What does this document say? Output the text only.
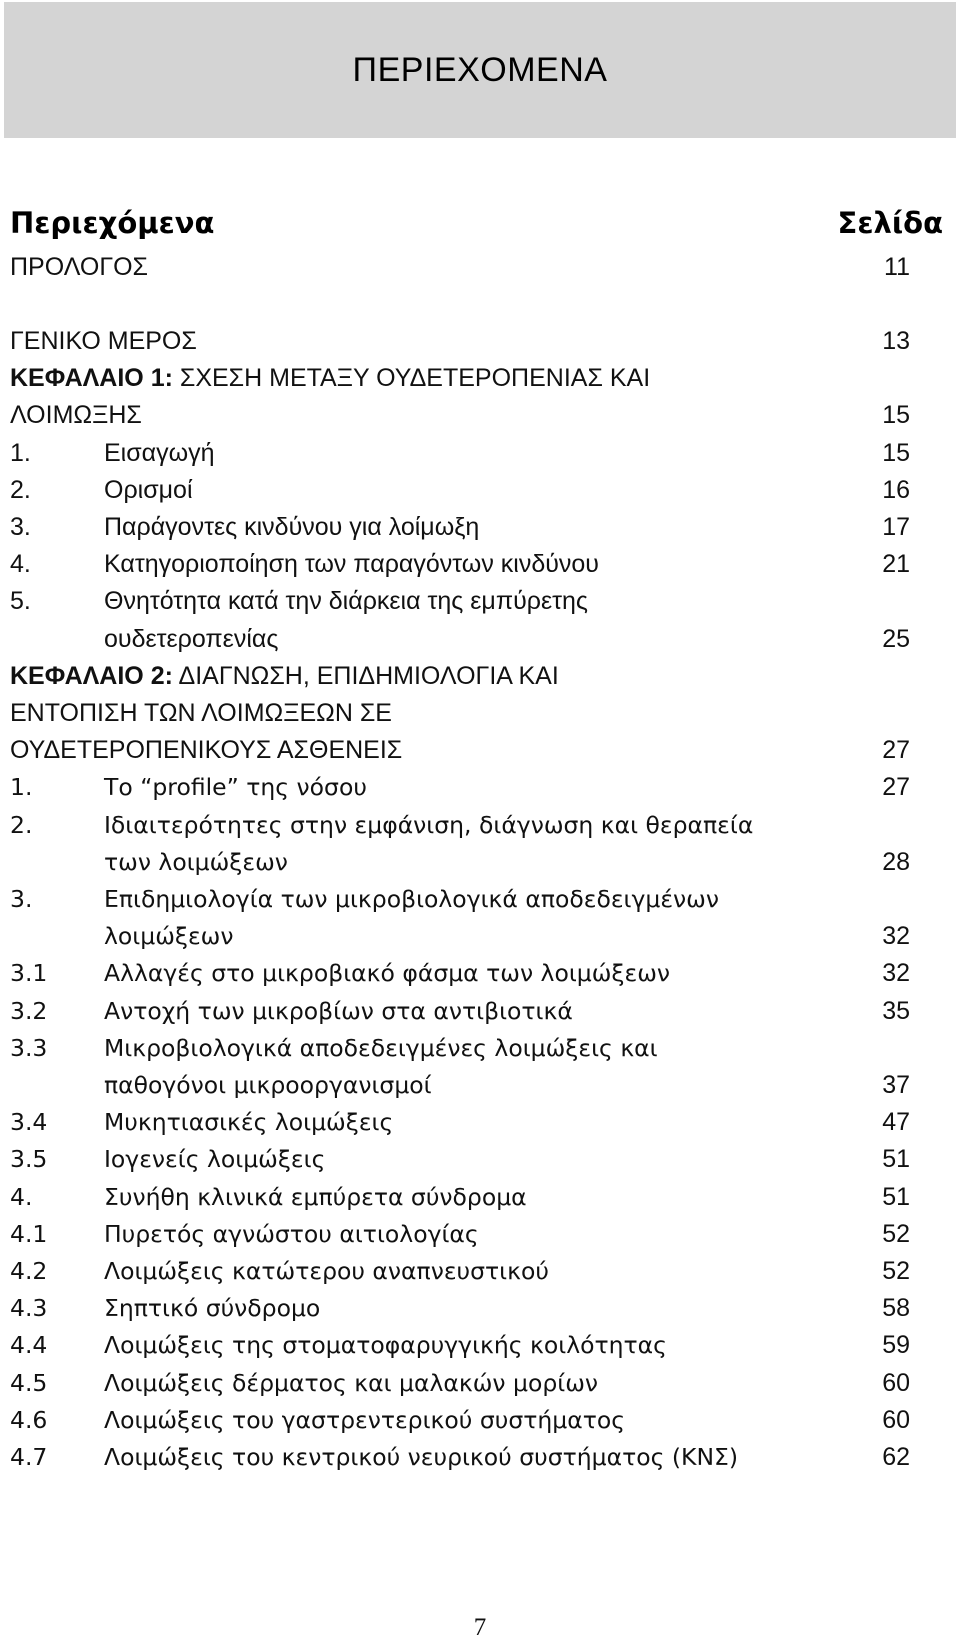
ΠΕΡΙΕΧΟΜΕΝΑ
Περιεχόμενα	Σελίδα
ΠΡΟΛΟΓΟΣ	11
ΓΕΝΙΚΟ ΜΕΡΟΣ	13
ΚΕΦΑΛΑΙΟ 1: ΣΧΕΣΗ ΜΕΤΑΞΥ ΟΥΔΕΤΕΡΟΠΕΝΙΑΣ ΚΑΙ
ΛΟΙΜΩΞΗΣ	15
1.	Εισαγωγή	15
2.	Ορισμοί	16
3.	Παράγοντες κινδύνου για λοίμωξη	17
4.	Κατηγοριοποίηση των παραγόντων κινδύνου	21
5.	Θνητότητα κατά την διάρκεια της εμπύρετης
ουδετεροπενίας	25
ΚΕΦΑΛΑΙΟ 2: ΔΙΑΓΝΩΣΗ, ΕΠΙΔΗΜΙΟΛΟΓΙΑ ΚΑΙ
ΕΝΤΟΠΙΣΗ ΤΩΝ ΛΟΙΜΩΞΕΩΝ ΣΕ
ΟΥΔΕΤΕΡΟΠΕΝΙΚΟΥΣ ΑΣΘΕΝΕΙΣ	27
1.	Το “profile” της νόσου	27
2.	Ιδιαιτερότητες στην εμφάνιση, διάγνωση και θεραπεία
των λοιμώξεων	28
3.	Επιδημιολογία των μικροβιολογικά αποδεδειγμένων
λοιμώξεων	32
3.1 Αλλαγές στο μικροβιακό φάσμα των λοιμώξεων	32
3.2 Αντοχή των μικροβίων στα αντιβιοτικά	35
3.3 Μικροβιολογικά αποδεδειγμένες λοιμώξεις και
παθογόνοι μικροοργανισμοί	37
3.4 Μυκητιασικές λοιμώξεις	47
3.5 Ιογενείς λοιμώξεις	51
4.	Συνήθη κλινικά εμπύρετα σύνδρομα	51
4.1 Πυρετός αγνώστου αιτιολογίας	52
4.2 Λοιμώξεις κατώτερου αναπνευστικού	52
4.3 Σηπτικό σύνδρομο	58
4.4 Λοιμώξεις της στοματοφαρυγγικής κοιλότητας	59
4.5 Λοιμώξεις δέρματος και μαλακών μορίων	60
4.6 Λοιμώξεις του γαστρεντερικού συστήματος	60
4.7 Λοιμώξεις του κεντρικού νευρικού συστήματος (ΚΝΣ)	62
7
